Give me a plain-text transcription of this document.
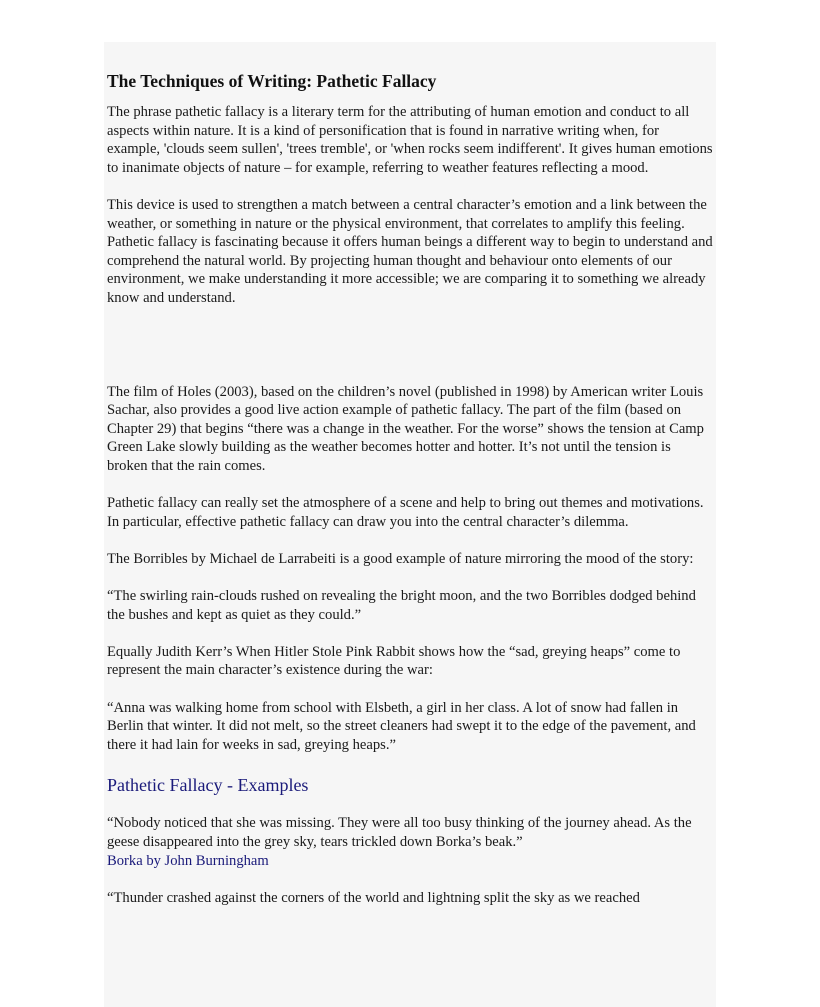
The Techniques of Writing: Pathetic Fallacy

The phrase pathetic fallacy is a literary term for the attributing of human emotion and conduct to all aspects within nature. It is a kind of personification that is found in narrative writing when, for example, 'clouds seem sullen', 'trees tremble', or 'when rocks seem indifferent'. It gives human emotions to inanimate objects of nature – for example, referring to weather features reflecting a mood.

This device is used to strengthen a match between a central character’s emotion and a link between the weather, or something in nature or the physical environment, that correlates to amplify this feeling. Pathetic fallacy is fascinating because it offers human beings a different way to begin to understand and comprehend the natural world. By projecting human thought and behaviour onto elements of our environment, we make understanding it more accessible; we are comparing it to something we already know and understand.

The film of Holes (2003), based on the children’s novel (published in 1998) by American writer Louis Sachar, also provides a good live action example of pathetic fallacy. The part of the film (based on Chapter 29) that begins “there was a change in the weather. For the worse” shows the tension at Camp Green Lake slowly building as the weather becomes hotter and hotter. It’s not until the tension is broken that the rain comes.

Pathetic fallacy can really set the atmosphere of a scene and help to bring out themes and motivations. In particular, effective pathetic fallacy can draw you into the central character’s dilemma.

The Borribles by Michael de Larrabeiti is a good example of nature mirroring the mood of the story:

“The swirling rain-clouds rushed on revealing the bright moon, and the two Borribles dodged behind the bushes and kept as quiet as they could.”

Equally Judith Kerr’s When Hitler Stole Pink Rabbit shows how the “sad, greying heaps” come to represent the main character’s existence during the war:

“Anna was walking home from school with Elsbeth, a girl in her class. A lot of snow had fallen in Berlin that winter. It did not melt, so the street cleaners had swept it to the edge of the pavement, and there it had lain for weeks in sad, greying heaps.”

Pathetic Fallacy - Examples

“Nobody noticed that she was missing. They were all too busy thinking of the journey ahead. As the geese disappeared into the grey sky, tears trickled down Borka’s beak.”

Borka by John Burningham

“Thunder crashed against the corners of the world and lightning split the sky as we reached
